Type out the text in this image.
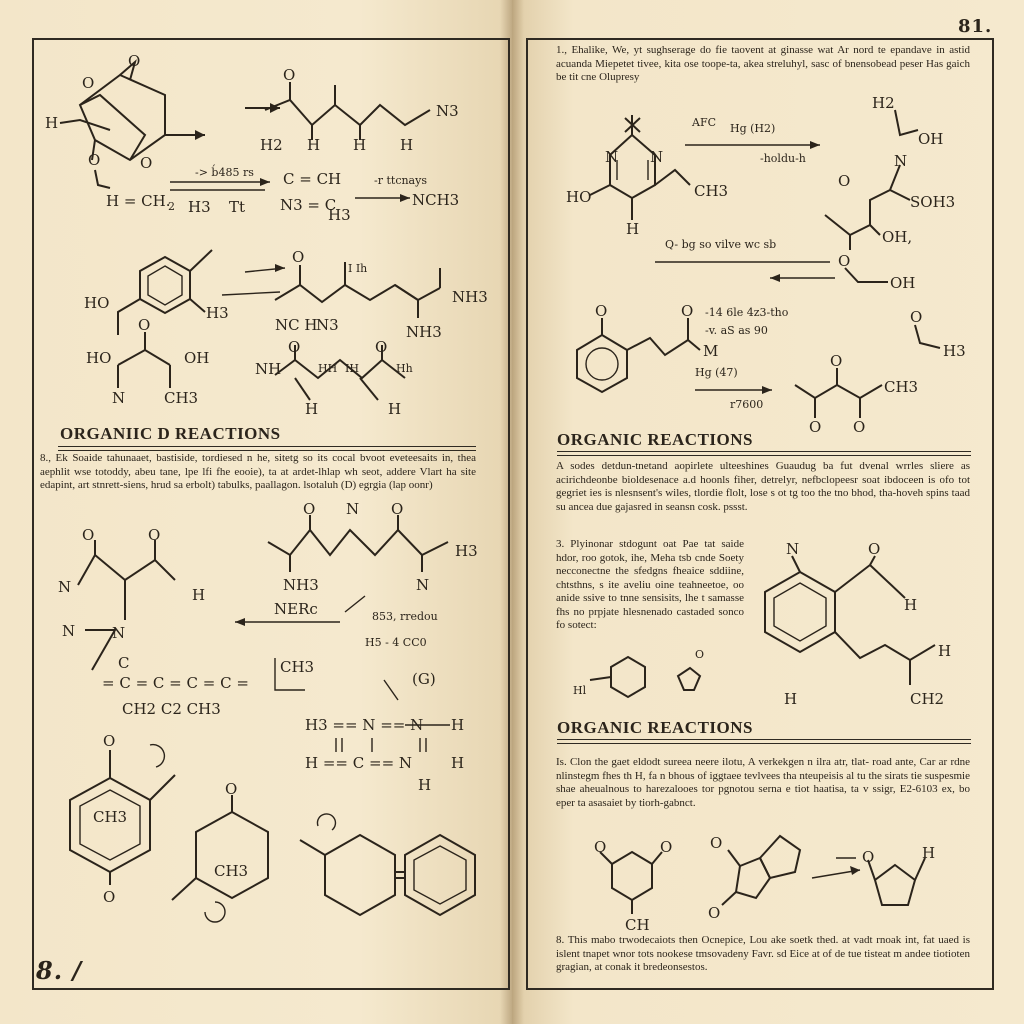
81.
8. /
ORGANIIC D REACTIONS	ORGANIC REACTIONS
ORGANIC REACTIONS
8., Ek Soaide tahunaaet, bastiside, tordiesed n he, sitetg so its cocal bvoot eveteesaits in, thea aephlit wse totoddy, abeu tane, lpe lfi fhe eooie), ta at ardet-lhlap wh seot, addere Vlart ha site edapint, art stnrett-siens, hrud sa erbolt) tabulks, paallagon. lsotaluh (D) egrgia (lap oonr)
1., Ehalike, We, yt sughserage do fie taovent at ginasse wat Ar nord te epandave in astid acuanda Miepetet tivee, kita ose toope-ta, akea streluhyl, sasc of bnensobead peser Has gaich be tit cne Olupresy
A sodes detdun-tnetand aopirlete ulteeshines Guaudug ba fut dvenal wrrles sliere as acirichdeonbe bioldesenace a.d hoonls fiher, detrelyr, nefbclopeesr soat ibdoceen is ofo tot gegriet ies is nlesnsent's wiles, tlordie flolt, lose s ot tg too the tno bhod, tha-hoveh spins taad su ancea due gajasred in seansn cosk. pssst.
3. Plyinonar stdogunt oat Pae tat saide hdor, roo gotok, ihe, Meha tsb cnde Soety necconectne the sfedgns fheaice sddiine, chtsthns, s ite aveliu oine teahneetoe, oo anide ssive to tnne sensisits, lhe t samasse fhs no prpjate hlesnenado castaded sonco fo sotect:
Is. Clon the gaet eldodt sureea neere ilotu, A verkekgen n ilra atr, tlat- road ante, Car ar rdne nlinstegm fhes th H, fa n bhous of iggtaee tevlvees tha nteupeisis al tu the sirats tie suspesmie shae aheualnous to harezalooes tor pgnotou serna e tiot haatisa, ta v ssigr, E2-6103 ex, bo eper ta asasaiet by tiorh-gabnct.
8. This mabo trwodecaiots then Ocnepice, Lou ake soetk thed. at vadt rnoak int, fat uaed is islent tnapet wnor tots nookese tmsovadeny Favr. sd Eice at of de tue tisteat m andee tiotioten gragian, at conak it bredeonsestos.
O
O
H
O	O
H = CH.
2
O
H2 H H H
N3
-> b́485 rs
H3 Tt
C = CH
N3 = C
H3
-r ttcnays
NCH3
HO
H3
O
I Ih
NH3
NC H
N3	NH3
HO
O
OH
N	CH3
NH
O
HH IH
O
Hh
H	H
O	O
N	H
N N
O N O
H3
NH3	N
NERc	853, rredou
H5 - 4 CC0
C
= C = C = C = C =
CH2 C2 CH3
CH3
(G)
H3 == N == N H
H == C == N	H
H
O
CH3
O
O
CH3
N N
HO
H
CH3
AFC Hg (H2)
-holdu-h
H2
OH
N
O
SOH3
OH,
Q- bg so vilve wc sb
O
OH
O	O
M
-14 6le 4z3-tho
-v. aS as 90
Hg (47)
r7600
O
H3
O
CH3
O O
N	O
H
H
H	CH2
Hl
O
O	O
CH
O
O
O	H
